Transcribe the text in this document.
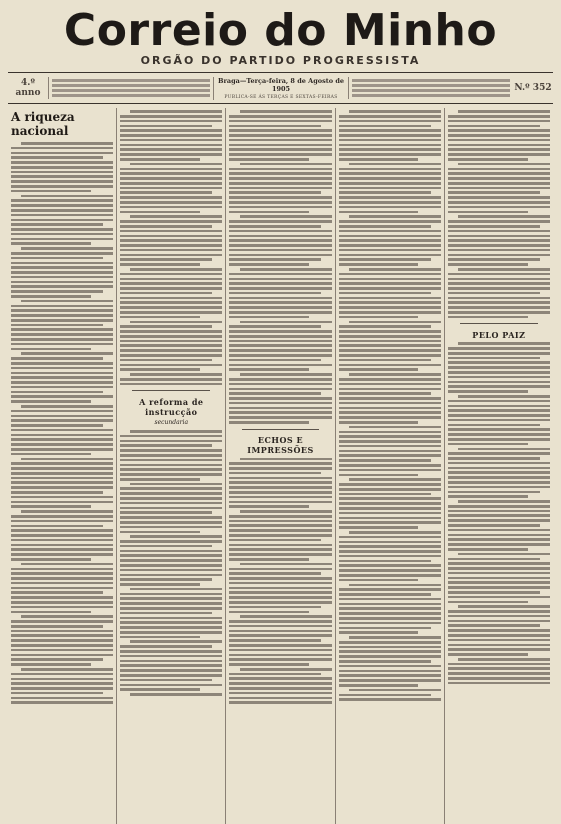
Correio do Minho
ORGÃO DO PARTIDO PROGRESSISTA
4.º anno
Braga—Terça-feira, 8 de Agosto de 1905
PUBLICA-SE ÁS TERÇAS E SEXTAS-FEIRAS
N.º 352
A riqueza nacional
A reforma de instrucção
secundaria
ECHOS E IMPRESSÕES
PELO PAIZ
